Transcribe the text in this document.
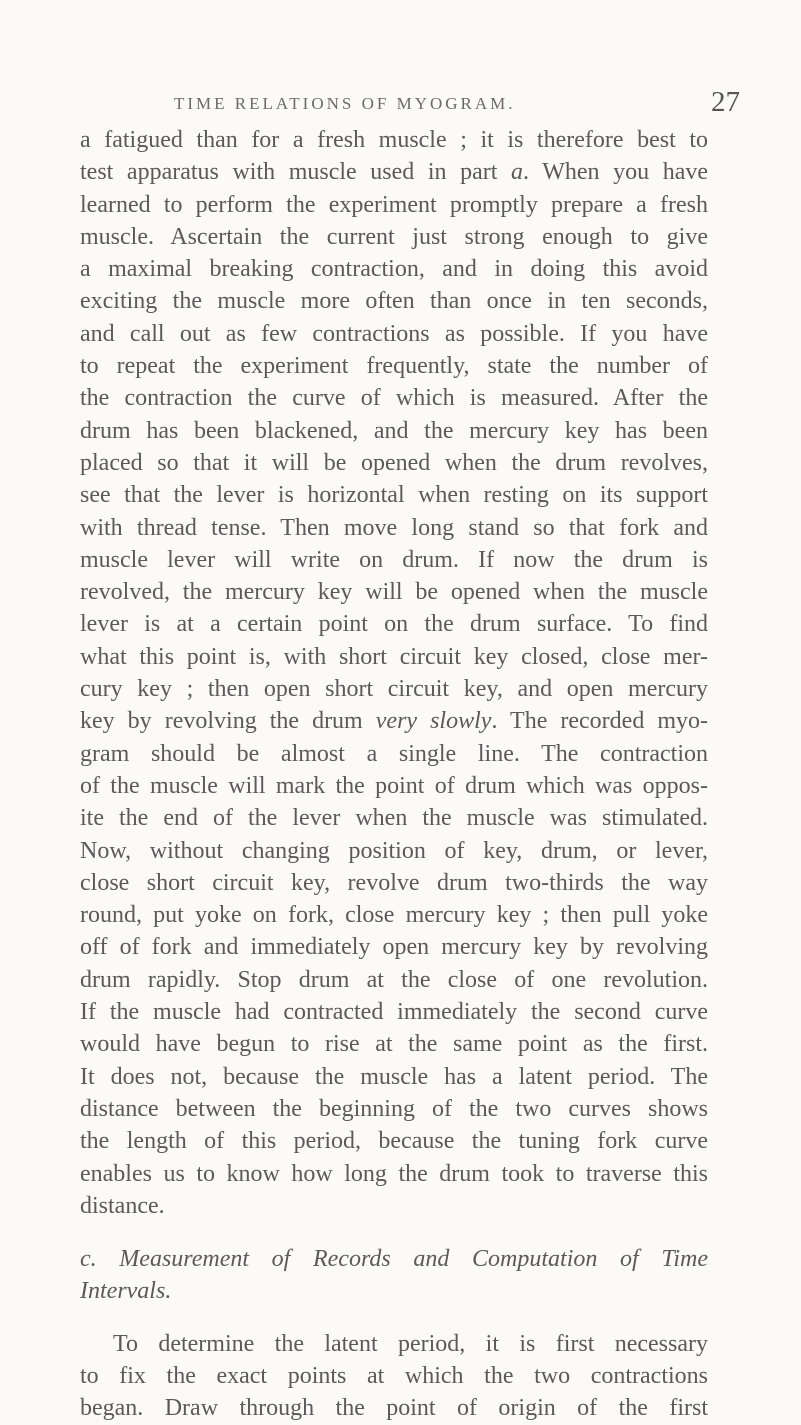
TIME RELATIONS OF MYOGRAM.	27
a fatigued than for a fresh muscle ; it is therefore best to
test apparatus with muscle used in part a. When you have
learned to perform the experiment promptly prepare a fresh
muscle. Ascertain the current just strong enough to give
a maximal breaking contraction, and in doing this avoid
exciting the muscle more often than once in ten seconds,
and call out as few contractions as possible. If you have
to repeat the experiment frequently, state the number of
the contraction the curve of which is measured. After the
drum has been blackened, and the mercury key has been
placed so that it will be opened when the drum revolves,
see that the lever is horizontal when resting on its support
with thread tense. Then move long stand so that fork and
muscle lever will write on drum. If now the drum is
revolved, the mercury key will be opened when the muscle
lever is at a certain point on the drum surface. To find
what this point is, with short circuit key closed, close mer-
cury key ; then open short circuit key, and open mercury
key by revolving the drum very slowly. The recorded myo-
gram should be almost a single line. The contraction
of the muscle will mark the point of drum which was oppos-
ite the end of the lever when the muscle was stimulated.
Now, without changing position of key, drum, or lever,
close short circuit key, revolve drum two-thirds the way
round, put yoke on fork, close mercury key ; then pull yoke
off of fork and immediately open mercury key by revolving
drum rapidly. Stop drum at the close of one revolution.
If the muscle had contracted immediately the second curve
would have begun to rise at the same point as the first.
It does not, because the muscle has a latent period. The
distance between the beginning of the two curves shows
the length of this period, because the tuning fork curve
enables us to know how long the drum took to traverse this
distance.
c. Measurement of Records and Computation of Time
Intervals.
To determine the latent period, it is first necessary
to fix the exact points at which the two contractions
began. Draw through the point of origin of the first
